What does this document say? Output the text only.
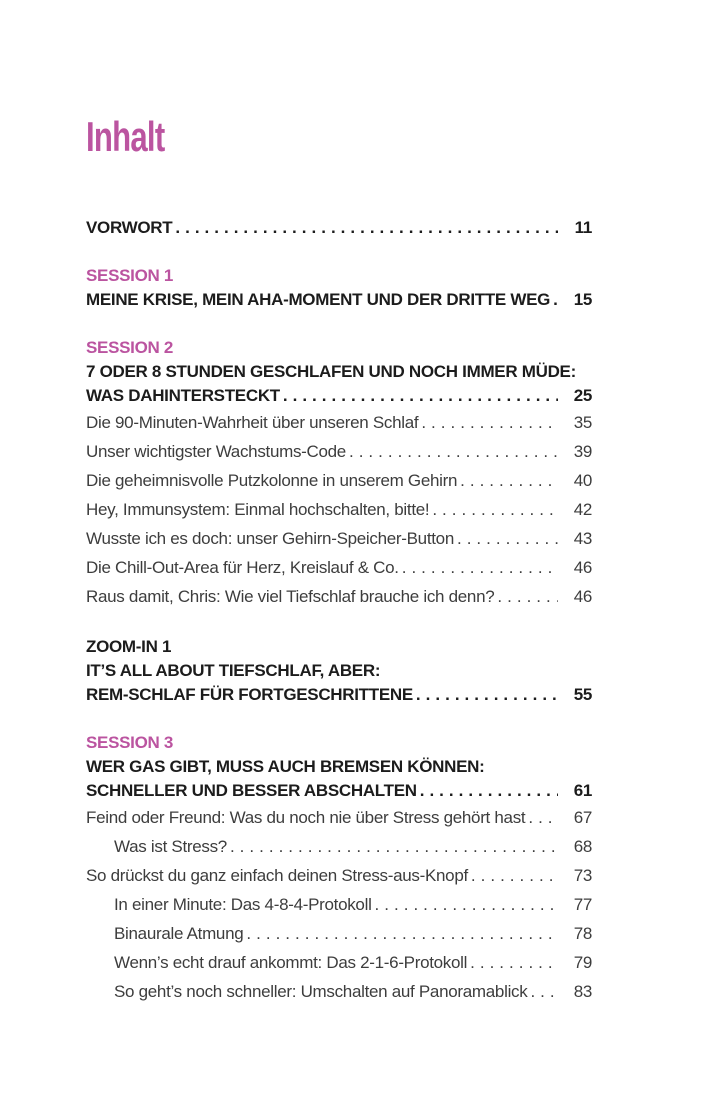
Inhalt
VORWORT .....	11
SESSION 1
MEINE KRISE, MEIN AHA-MOMENT UND DER DRITTE WEG .....	15
SESSION 2
7 ODER 8 STUNDEN GESCHLAFEN UND NOCH IMMER MÜDE:
WAS DAHINTERSTECKT .....	25
Die 90-Minuten-Wahrheit über unseren Schlaf .....	35
Unser wichtigster Wachstums-Code .....	39
Die geheimnisvolle Putzkolonne in unserem Gehirn .....	40
Hey, Immunsystem: Einmal hochschalten, bitte! .....	42
Wusste ich es doch: unser Gehirn-Speicher-Button .....	43
Die Chill-Out-Area für Herz, Kreislauf & Co. .....	46
Raus damit, Chris: Wie viel Tiefschlaf brauche ich denn? .....	46
ZOOM-IN 1
IT’S ALL ABOUT TIEFSCHLAF, ABER:
REM-SCHLAF FÜR FORTGESCHRITTENE .....	55
SESSION 3
WER GAS GIBT, MUSS AUCH BREMSEN KÖNNEN:
SCHNELLER UND BESSER ABSCHALTEN .....	61
Feind oder Freund: Was du noch nie über Stress gehört hast .....	67
Was ist Stress? .....	68
So drückst du ganz einfach deinen Stress-aus-Knopf .....	73
In einer Minute: Das 4-8-4-Protokoll .....	77
Binaurale Atmung .....	78
Wenn’s echt drauf ankommt: Das 2-1-6-Protokoll .....	79
So geht’s noch schneller: Umschalten auf Panoramablick .....	83
